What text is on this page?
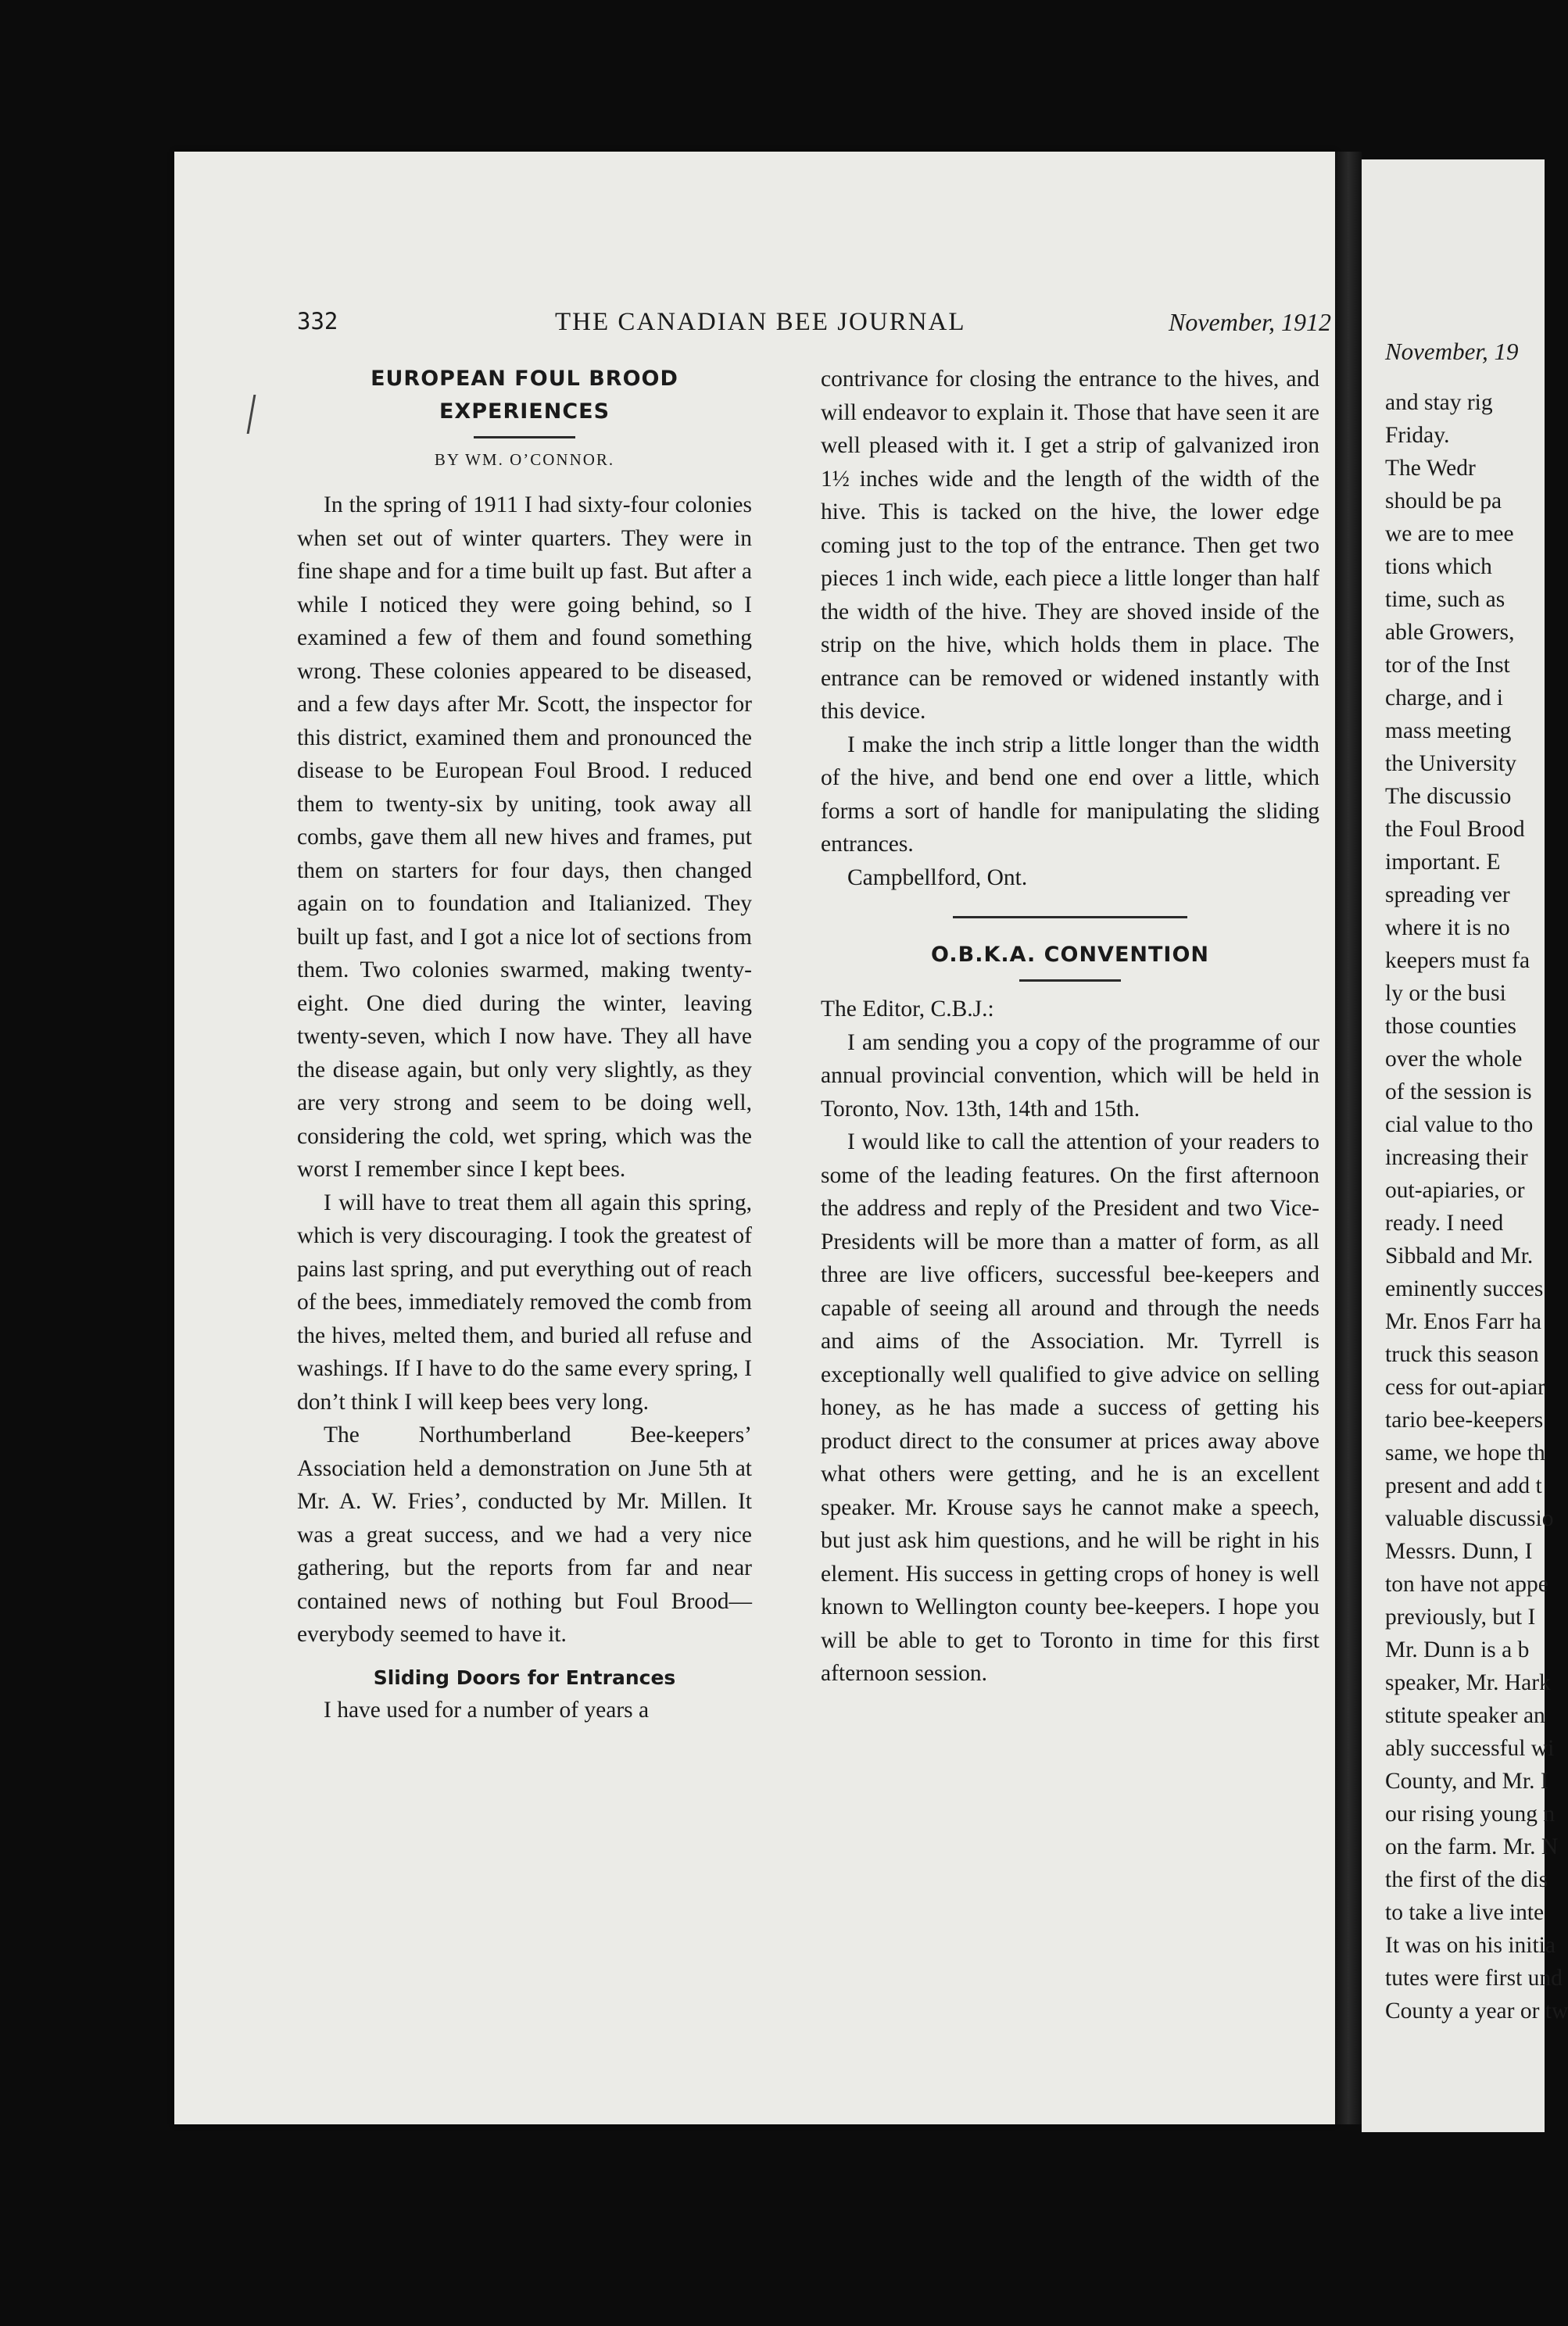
332	THE CANADIAN BEE JOURNAL	November, 1912
EUROPEAN FOUL BROOD EXPERIENCES
BY WM. O’CONNOR.

In the spring of 1911 I had sixty-four colonies when set out of winter quarters. They were in fine shape and for a time built up fast. But after a while I noticed they were going behind, so I examined a few of them and found something wrong. These colonies appeared to be diseased, and a few days after Mr. Scott, the inspector for this district, examined them and pronounced the disease to be European Foul Brood. I reduced them to twenty-six by uniting, took away all combs, gave them all new hives and frames, put them on starters for four days, then changed again on to foundation and Italianized. They built up fast, and I got a nice lot of sections from them. Two colonies swarmed, making twenty-eight. One died during the winter, leaving twenty-seven, which I now have. They all have the disease again, but only very slightly, as they are very strong and seem to be doing well, considering the cold, wet spring, which was the worst I remember since I kept bees.

I will have to treat them all again this spring, which is very discouraging. I took the greatest of pains last spring, and put everything out of reach of the bees, immediately removed the comb from the hives, melted them, and buried all refuse and washings. If I have to do the same every spring, I don’t think I will keep bees very long.

The Northumberland Bee-keepers’ Association held a demonstration on June 5th at Mr. A. W. Fries’, conducted by Mr. Millen. It was a great success, and we had a very nice gathering, but the reports from far and near contained news of nothing but Foul Brood—everybody seemed to have it.

Sliding Doors for Entrances

I have used for a number of years a

contrivance for closing the entrance to the hives, and will endeavor to explain it. Those that have seen it are well pleased with it. I get a strip of galvanized iron 1½ inches wide and the length of the width of the hive. This is tacked on the hive, the lower edge coming just to the top of the entrance. Then get two pieces 1 inch wide, each piece a little longer than half the width of the hive. They are shoved inside of the strip on the hive, which holds them in place. The entrance can be removed or widened instantly with this device.

I make the inch strip a little longer than the width of the hive, and bend one end over a little, which forms a sort of handle for manipulating the sliding entrances.

Campbellford, Ont.

O.B.K.A. CONVENTION

The Editor, C.B.J.:

I am sending you a copy of the programme of our annual provincial convention, which will be held in Toronto, Nov. 13th, 14th and 15th.

I would like to call the attention of your readers to some of the leading features. On the first afternoon the address and reply of the President and two Vice-Presidents will be more than a matter of form, as all three are live officers, successful bee-keepers and capable of seeing all around and through the needs and aims of the Association. Mr. Tyrrell is exceptionally well qualified to give advice on selling honey, as he has made a success of getting his product direct to the consumer at prices away above what others were getting, and he is an excellent speaker. Mr. Krouse says he cannot make a speech, but just ask him questions, and he will be right in his element. His success in getting crops of honey is well known to Wellington county bee-keepers. I hope you will be able to get to Toronto in time for this first afternoon session.

November, 19
and stay rig
Friday.
The Wedr
should be pa
we are to mee
tions which
time, such as
able Growers,
tor of the Inst
charge, and i
mass meeting
the University
The discussio
the Foul Brood
important. E
spreading ver
where it is no
keepers must fa
ly or the busi
those counties
over the whole
of the session is
cial value to tho
increasing their
out-apiaries, or
ready. I need
Sibbald and Mr.
eminently succes
Mr. Enos Farr ha
truck this season
cess for out-apiar
tario bee-keepers
same, we hope th
present and add t
valuable discussio
Messrs. Dunn, I
ton have not appe
previously, but I
Mr. Dunn is a b
speaker, Mr. Hark
stitute speaker an
ably successful wi
County, and Mr. I
our rising young n
on the farm. Mr. N
the first of the dis
to take a live inte
It was on his initia
tutes were first und
County a year or tw
